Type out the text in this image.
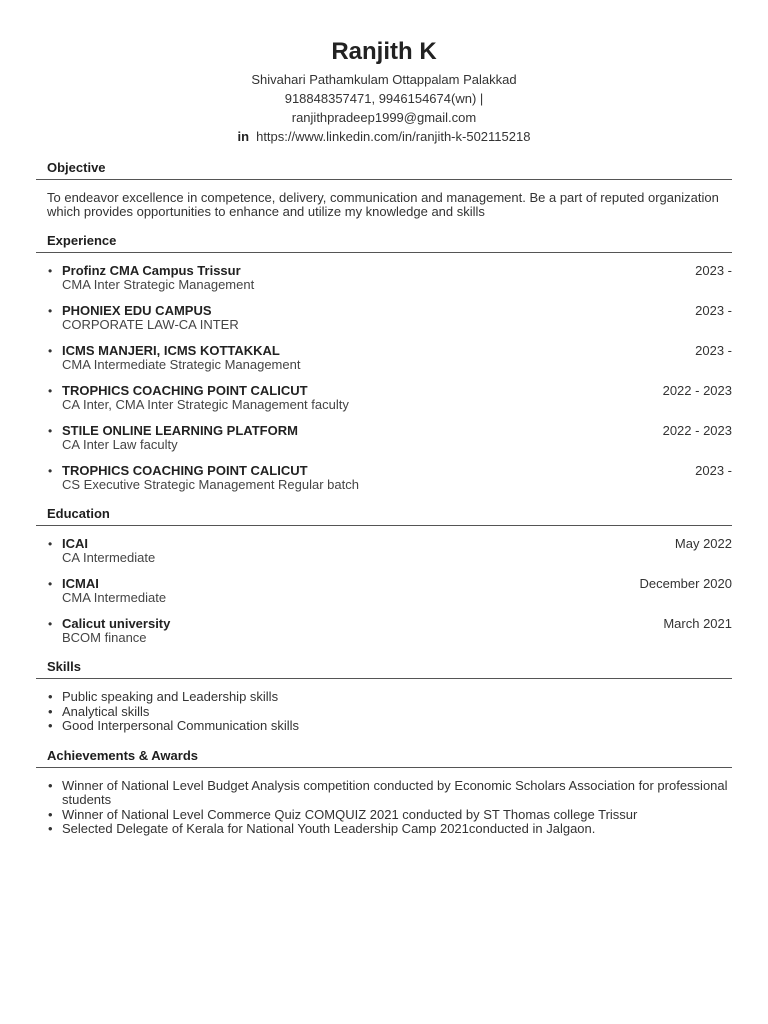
Ranjith K
Shivahari Pathamkulam Ottappalam Palakkad
918848357471, 9946154674(wn) |
ranjithpradeep1999@gmail.com
in https://www.linkedin.com/in/ranjith-k-502115218
Objective

To endeavor excellence in competence, delivery, communication and management. Be a part of reputed organization which provides opportunities to enhance and utilize my knowledge and skills

Experience
• Profinz CMA Campus Trissur	2023 -
CMA Inter Strategic Management
• PHONIEX EDU CAMPUS	2023 -
CORPORATE LAW-CA INTER
• ICMS MANJERI, ICMS KOTTAKKAL	2023 -
CMA Intermediate Strategic Management
• TROPHICS COACHING POINT CALICUT	2022 - 2023
CA Inter, CMA Inter Strategic Management faculty
• STILE ONLINE LEARNING PLATFORM	2022 - 2023
CA Inter Law faculty
• TROPHICS COACHING POINT CALICUT	2023 -
CS Executive Strategic Management Regular batch
Education
• ICAI	May 2022
CA Intermediate
• ICMAI	December 2020
CMA Intermediate
• Calicut university	March 2021
BCOM finance
Skills
• Public speaking and Leadership skills
• Analytical skills
• Good Interpersonal Communication skills
Achievements & Awards
• Winner of National Level Budget Analysis competition conducted by Economic Scholars Association for professional students
• Winner of National Level Commerce Quiz COMQUIZ 2021 conducted by ST Thomas college Trissur
• Selected Delegate of Kerala for National Youth Leadership Camp 2021conducted in Jalgaon.
